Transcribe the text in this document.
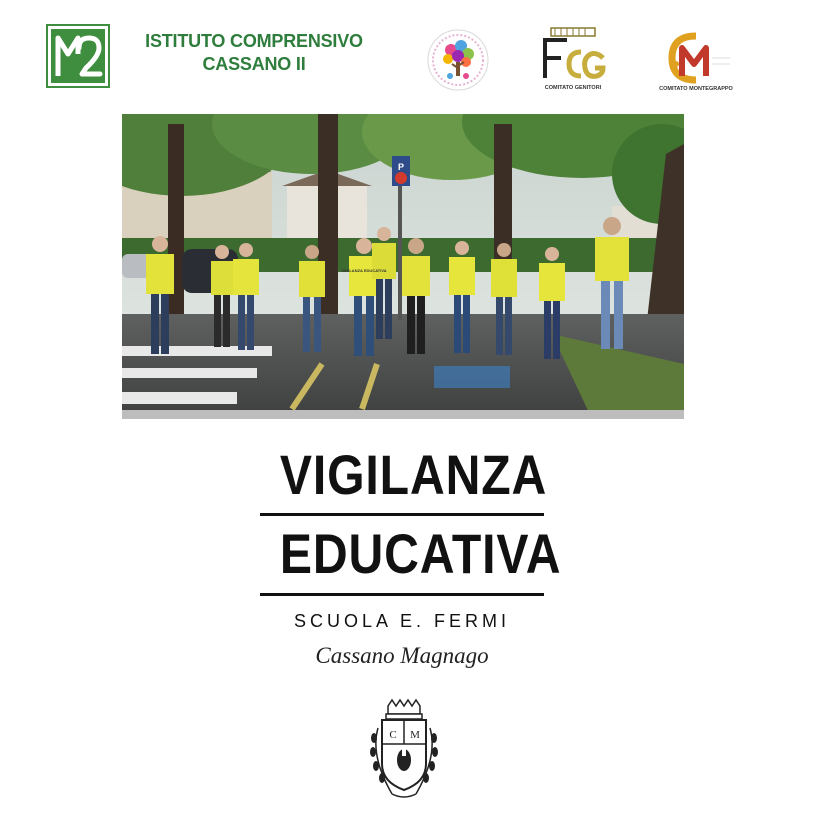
IC2
ISTITUTO COMPRENSIVO
CASSANO II
COMITATO GENITORI	COMITATO MONTEGRAPPO
P
VIGILANZA EDUCATIVA
VIGILANZA
EDUCATIVA
SCUOLA E. FERMI
Cassano Magnago
C M
